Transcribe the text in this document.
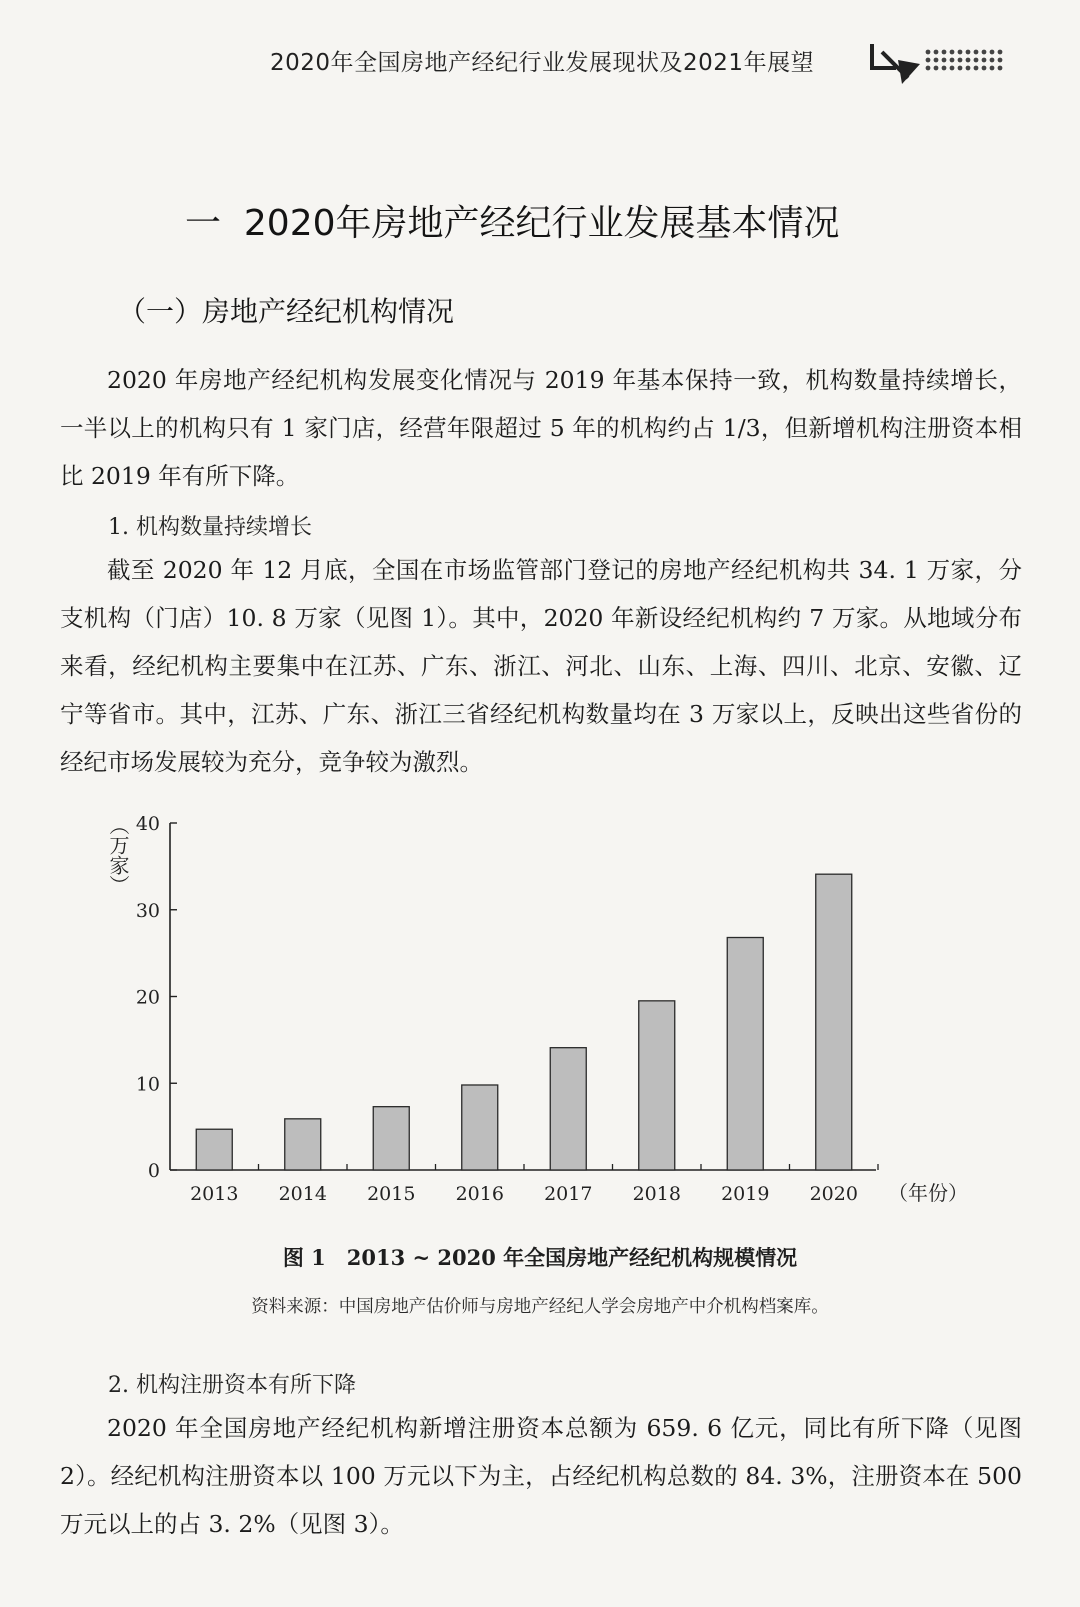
2020年全国房地产经纪行业发展现状及2021年展望
一  2020年房地产经纪行业发展基本情况
（一）房地产经纪机构情况

2020 年房地产经纪机构发展变化情况与 2019 年基本保持一致，机构数量持续增长，一半以上的机构只有 1 家门店，经营年限超过 5 年的机构约占 1/3，但新增机构注册资本相比 2019 年有所下降。

1. 机构数量持续增长

截至 2020 年 12 月底，全国在市场监管部门登记的房地产经纪机构共 34. 1 万家，分支机构（门店）10. 8 万家（见图 1）。其中，2020 年新设经纪机构约 7 万家。从地域分布来看，经纪机构主要集中在江苏、广东、浙江、河北、山东、上海、四川、北京、安徽、辽宁等省市。其中，江苏、广东、浙江三省经纪机构数量均在 3 万家以上，反映出这些省份的经纪市场发展较为充分，竞争较为激烈。

0
10
20
30
40
（万家）
2013 2014 2015 2016 2017 2018 2019 2020 （年份）
图 1　2013 ~ 2020 年全国房地产经纪机构规模情况
资料来源：中国房地产估价师与房地产经纪人学会房地产中介机构档案库。
2. 机构注册资本有所下降

2020 年全国房地产经纪机构新增注册资本总额为 659. 6 亿元，同比有所下降（见图 2）。经纪机构注册资本以 100 万元以下为主，占经纪机构总数的 84. 3%，注册资本在 500 万元以上的占 3. 2%（见图 3）。
